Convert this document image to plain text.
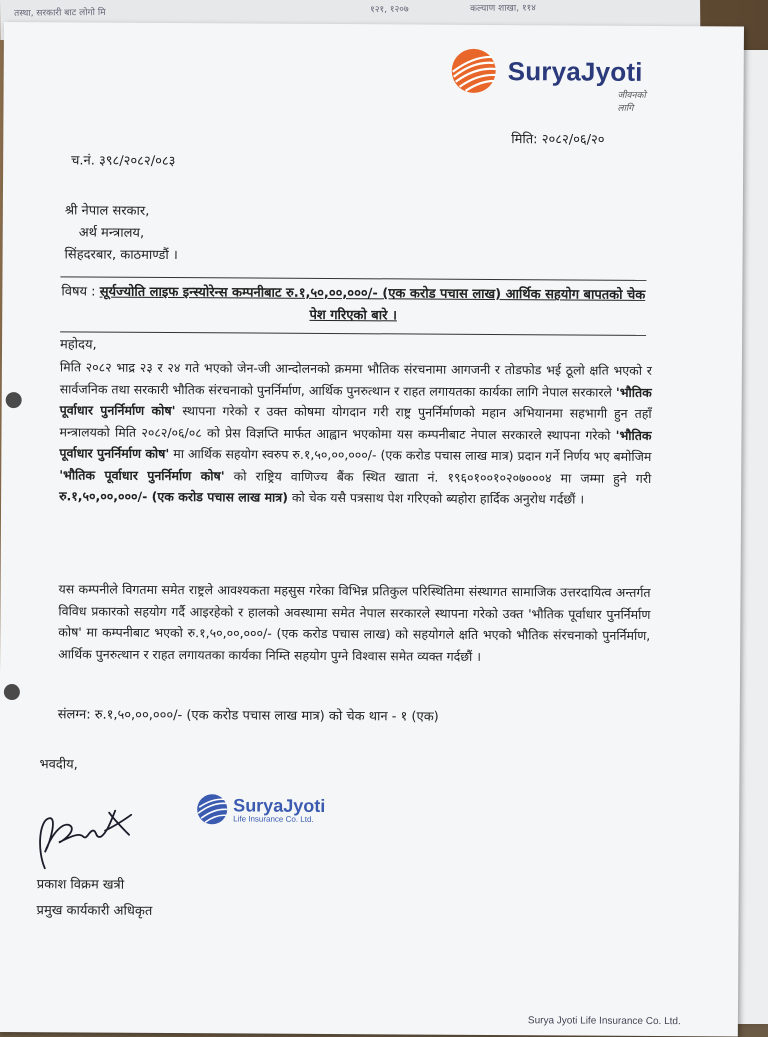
तस्था, सरकारी बाट लोगो मि	१२१, १२०७	कल्याण शाखा, ११४
SuryaJyoti
जीवनको लागि
मिति: २०८२/०६/२०
च.नं. ३९८/२०८२/०८३
श्री नेपाल सरकार,
अर्थ मन्त्रालय,
सिंहदरबार, काठमाण्डौं ।
विषय : सूर्यज्योति लाइफ इन्स्योरेन्स कम्पनीबाट रु.१,५०,००,०००/- (एक करोड पचास लाख) आर्थिक सहयोग बापतको चेक पेश गरिएको बारे ।
महोदय,
मिति २०८२ भाद्र २३ र २४ गते भएको जेन-जी आन्दोलनको क्रममा भौतिक संरचनामा आगजनी र तोडफोड भई ठूलो क्षति भएको र सार्वजनिक तथा सरकारी भौतिक संरचनाको पुनर्निर्माण, आर्थिक पुनरुत्थान र राहत लगायतका कार्यका लागि नेपाल सरकारले 'भौतिक पूर्वाधार पुनर्निर्माण कोष' स्थापना गरेको र उक्त कोषमा योगदान गरी राष्ट्र पुनर्निर्माणको महान अभियानमा सहभागी हुन तहाँ मन्त्रालयको मिति २०८२/०६/०८ को प्रेस विज्ञप्ति मार्फत आह्वान भएकोमा यस कम्पनीबाट नेपाल सरकारले स्थापना गरेको 'भौतिक पूर्वाधार पुनर्निर्माण कोष' मा आर्थिक सहयोग स्वरुप रु.१,५०,००,०००/- (एक करोड पचास लाख मात्र) प्रदान गर्ने निर्णय भए बमोजिम 'भौतिक पूर्वाधार पुनर्निर्माण कोष' को राष्ट्रिय वाणिज्य बैंक स्थित खाता नं. १९६०१००१०२०७०००४ मा जम्मा हुने गरी रु.१,५०,००,०००/- (एक करोड पचास लाख मात्र) को चेक यसै पत्रसाथ पेश गरिएको ब्यहोरा हार्दिक अनुरोध गर्दछौं ।
यस कम्पनीले विगतमा समेत राष्ट्रले आवश्यकता महसुस गरेका विभिन्न प्रतिकुल परिस्थितिमा संस्थागत सामाजिक उत्तरदायित्व अन्तर्गत विविध प्रकारको सहयोग गर्दै आइरहेको र हालको अवस्थामा समेत नेपाल सरकारले स्थापना गरेको उक्त 'भौतिक पूर्वाधार पुनर्निर्माण कोष' मा कम्पनीबाट भएको रु.१,५०,००,०००/- (एक करोड पचास लाख) को सहयोगले क्षति भएको भौतिक संरचनाको पुनर्निर्माण, आर्थिक पुनरुत्थान र राहत लगायतका कार्यका निम्ति सहयोग पुग्ने विश्वास समेत व्यक्त गर्दछौं ।
संलग्न: रु.१,५०,००,०००/- (एक करोड पचास लाख मात्र) को चेक थान - १ (एक)
भवदीय,
SuryaJyoti
Life Insurance Co. Ltd.
प्रकाश विक्रम खत्री
प्रमुख कार्यकारी अधिकृत
Surya Jyoti Life Insurance Co. Ltd.
